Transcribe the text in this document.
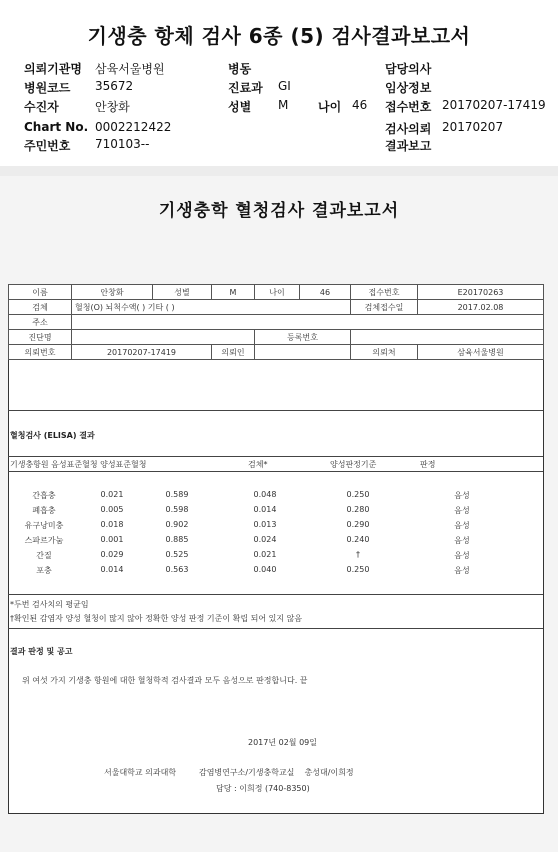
기생충 항체 검사 6종 (5) 검사결과보고서
의뢰기관명 삼육서울병원	병동	담당의사
병원코드 35672	진료과 GI	임상정보
수진자	안창화	성별 M 나이 46 접수번호 20170207-17419
Chart No. 0002212422	검사의뢰 20170207
주민번호 710103--	결과보고
기생충학 혈청검사 결과보고서
이름	안창화	성별	M	나이	46	접수번호	E20170263
검체	혈청(O) 뇌척수액( ) 기타 ( )					검체접수일	2017.02.08
주소							
진단명				등록번호			
의뢰번호	20170207-17419		의뢰인			의뢰처	삼육서울병원
혈청검사 (ELISA) 결과
기생충항원 음성표준혈청 양성표준혈청	검체*	양성판정기준	판정
간흡충	0.021	0.589	0.048	0.250	음성
폐흡충	0.005	0.598	0.014	0.280	음성
유구낭미충	0.018	0.902	0.013	0.290	음성
스파르가눔	0.001	0.885	0.024	0.240	음성
간질	0.029	0.525	0.021	†	음성
포충	0.014	0.563	0.040	0.250	음성
*두번 검사치의 평균임
†확인된 감염자 양성 혈청이 많지 않아 정확한 양성 판정 기준이 확립 되어 있지 않음
결과 판정 및 공고
위 여섯 가지 기생충 항원에 대한 혈청학적 검사결과 모두 음성으로 판정합니다. 끝
2017년 02월 09일
서울대학교 의과대학         감염병연구소/기생충학교실    총성대/이희정
담당 : 이희정 (740-8350)
